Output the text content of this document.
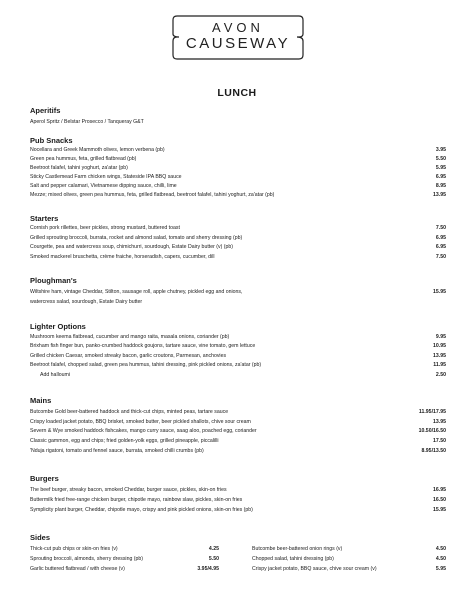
AVON
CAUSEWAY
LUNCH
Aperitifs
Aperol Spritz / Belstar Prosecco / Tanqueray G&T
Pub Snacks
Nocellara and Greek Mammoth olives, lemon verbena (pb)	3.95
Green pea hummus, feta, grilled flatbread (pb)	5.50
Beetroot falafel, tahini yoghurt, za'atar (pb)	5.95
Sticky Castlemead Farm chicken wings, Stateside IPA BBQ sauce	6.95
Salt and pepper calamari, Vietnamese dipping sauce, chilli, lime	8.95
Mezze; mixed olives, green pea hummus, feta, grilled flatbread, beetroot falafel, tahini yoghurt, za'atar (pb)	13.95
Starters
Cornish pork rillettes, beer pickles, strong mustard, buttered toast	7.50
Grilled sprouting broccoli, burrata, rocket and almond salad, tomato and sherry dressing (pb)	6.95
Courgette, pea and watercress soup, chimichurri, sourdough, Estate Dairy butter (v) (pb)	6.95
Smoked mackerel bruschetta, crème fraiche, horseradish, capers, cucumber, dill	7.50
Ploughman's
Wiltshire ham, vintage Cheddar, Stilton, sausage roll, apple chutney, pickled egg and onions,	15.95
watercress salad, sourdough, Estate Dairy butter
Lighter Options
Mushroom keema flatbread, cucumber and mango raita, masala onions, coriander (pb)	9.95
Brixham fish finger bun, panko-crumbed haddock goujons, tartare sauce, vine tomato, gem lettuce	10.95
Grilled chicken Caesar, smoked streaky bacon, garlic croutons, Parmesan, anchovies	13.95
Beetroot falafel, chopped salad, green pea hummus, tahini dressing, pink pickled onions, za'atar (pb)	11.95
Add halloumi	2.50
Mains
Butcombe Gold beer-battered haddock and thick-cut chips, minted peas, tartare sauce	11.95/17.95
Crispy loaded jacket potato, BBQ brisket, smoked butter, beer pickled shallots, chive sour cream	13.95
Severn & Wye smoked haddock fishcakes, mango curry sauce, saag aloo, poached egg, coriander	10.50/16.50
Classic gammon, egg and chips; fried golden-yolk eggs, grilled pineapple, piccalilli	17.50
'Nduja rigatoni, tomato and fennel sauce, burrata, smoked chilli crumbs (pb)	8.95/13.50
Burgers
The beef burger, streaky bacon, smoked Cheddar, burger sauce, pickles, skin-on fries	16.95
Buttermilk fried free-range chicken burger, chipotle mayo, rainbow slaw, pickles, skin-on fries	16.50
Symplicity plant burger, Cheddar, chipotle mayo, crispy and pink pickled onions, skin-on fries (pb)	15.95
Sides
Thick-cut pub chips or skin-on fries (v)	4.25
Sprouting broccoli, almonds, sherry dressing (pb)	5.50
Garlic buttered flatbread / with cheese (v)	3.95/4.95
Butcombe beer-battered onion rings (v)	4.50
Chopped salad, tahini dressing (pb)	4.50
Crispy jacket potato, BBQ sauce, chive sour cream (v)	5.95
